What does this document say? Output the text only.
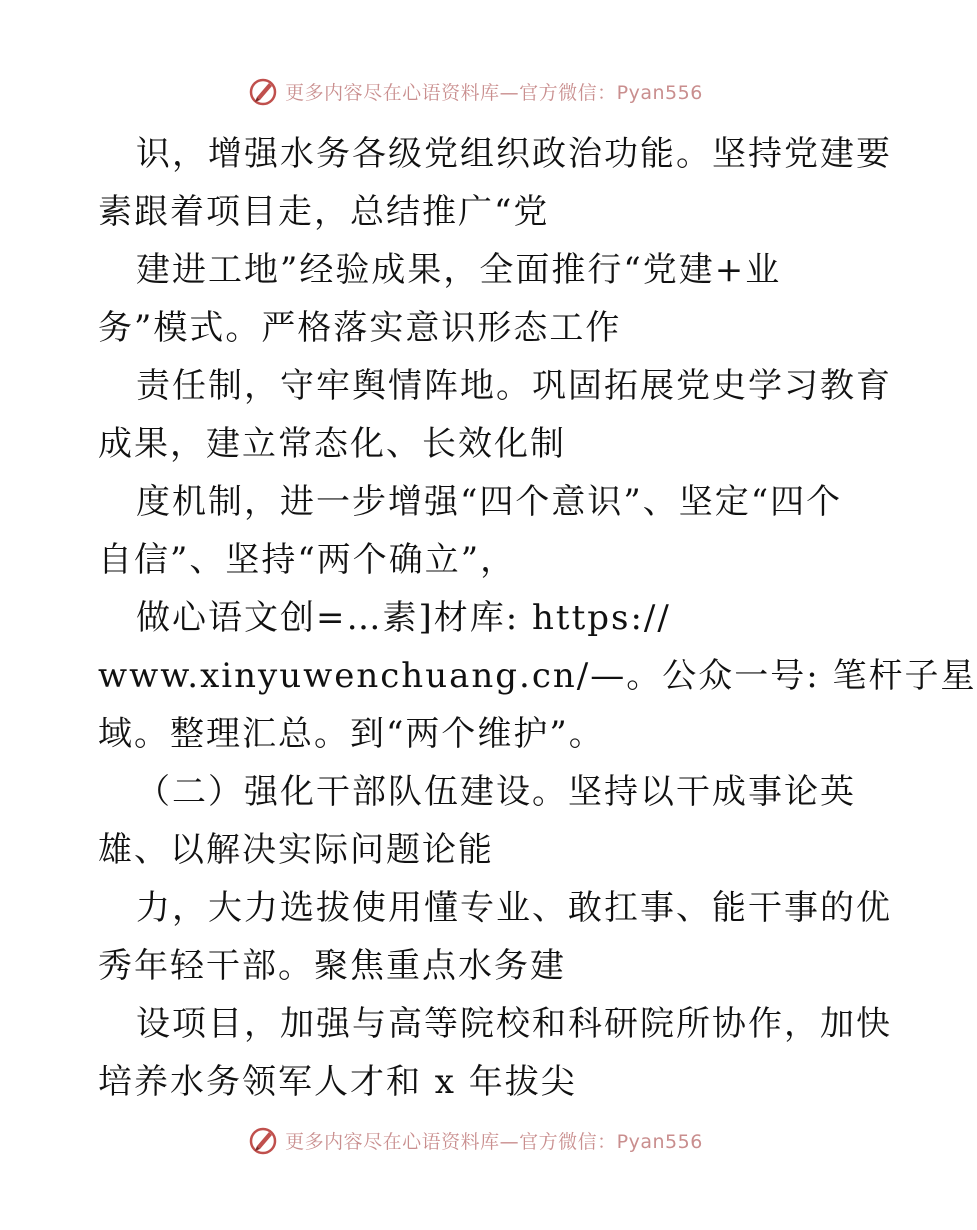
更多内容尽在心语资料库—官方微信：Pyan556
识，增强水务各级党组织政治功能。坚持党建要
素跟着项目走，总结推广“党
建进工地”经验成果，全面推行“党建+业
务”模式。严格落实意识形态工作
责任制，守牢舆情阵地。巩固拓展党史学习教育
成果，建立常态化、长效化制
度机制，进一步增强“四个意识”、坚定“四个
自信”、坚持“两个确立”，
做心语文创=…素]材库: https://
www.xinyuwenchuang.cn/—。公众一号: 笔杆子星
域。整理汇总。到“两个维护”。
（二）强化干部队伍建设。坚持以干成事论英
雄、以解决实际问题论能
力，大力选拔使用懂专业、敢扛事、能干事的优
秀年轻干部。聚焦重点水务建
设项目，加强与高等院校和科研院所协作，加快
培养水务领军人才和 x 年拔尖
更多内容尽在心语资料库—官方微信：Pyan556
